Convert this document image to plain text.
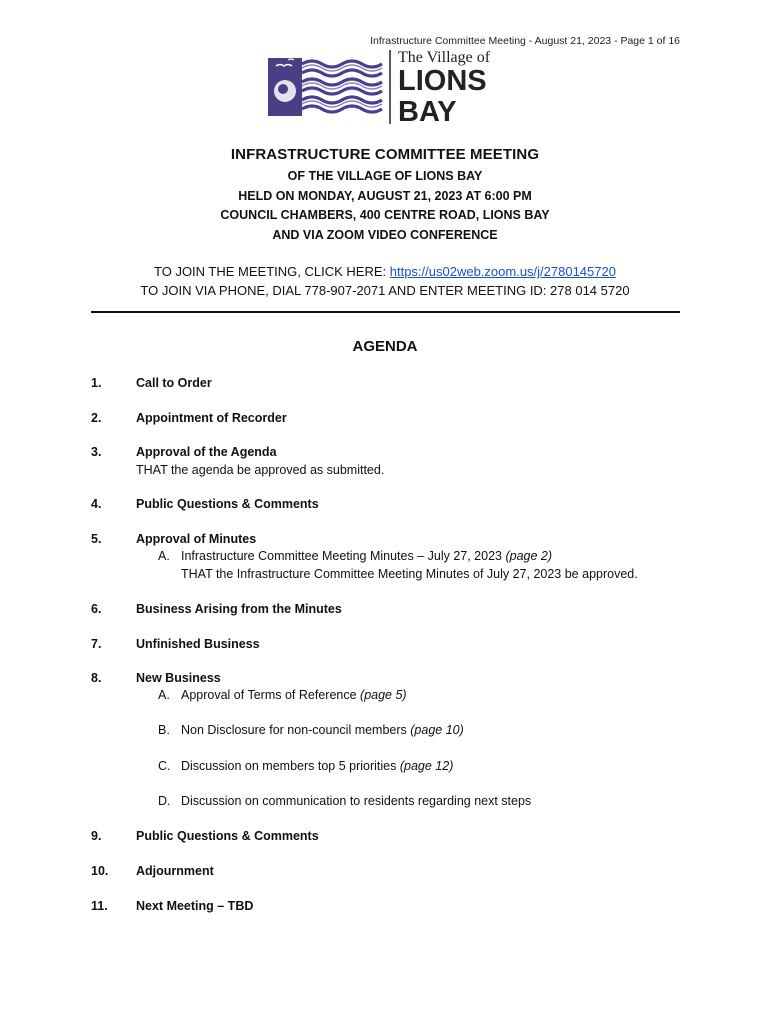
Infrastructure Committee Meeting - August 21, 2023 - Page 1 of 16
The Village of
LIONS
BAY

INFRASTRUCTURE COMMITTEE MEETING

OF THE VILLAGE OF LIONS BAY

HELD ON MONDAY, AUGUST 21, 2023 AT 6:00 PM

COUNCIL CHAMBERS, 400 CENTRE ROAD, LIONS BAY

AND VIA ZOOM VIDEO CONFERENCE

TO JOIN THE MEETING, CLICK HERE: https://us02web.zoom.us/j/2780145720
TO JOIN VIA PHONE, DIAL 778-907-2071 AND ENTER MEETING ID: 278 014 5720
AGENDA
1.	Call to Order
2.	Appointment of Recorder
3.	Approval of the Agenda
THAT the agenda be approved as submitted.
4.	Public Questions & Comments
5.	Approval of Minutes
A. Infrastructure Committee Meeting Minutes – July 27, 2023 (page 2)
THAT the Infrastructure Committee Meeting Minutes of July 27, 2023 be approved.
6.	Business Arising from the Minutes
7.	Unfinished Business
8.	New Business
A. Approval of Terms of Reference (page 5)
B. Non Disclosure for non-council members (page 10)
C. Discussion on members top 5 priorities (page 12)
D. Discussion on communication to residents regarding next steps
9.	Public Questions & Comments
10. Adjournment
11. Next Meeting – TBD
